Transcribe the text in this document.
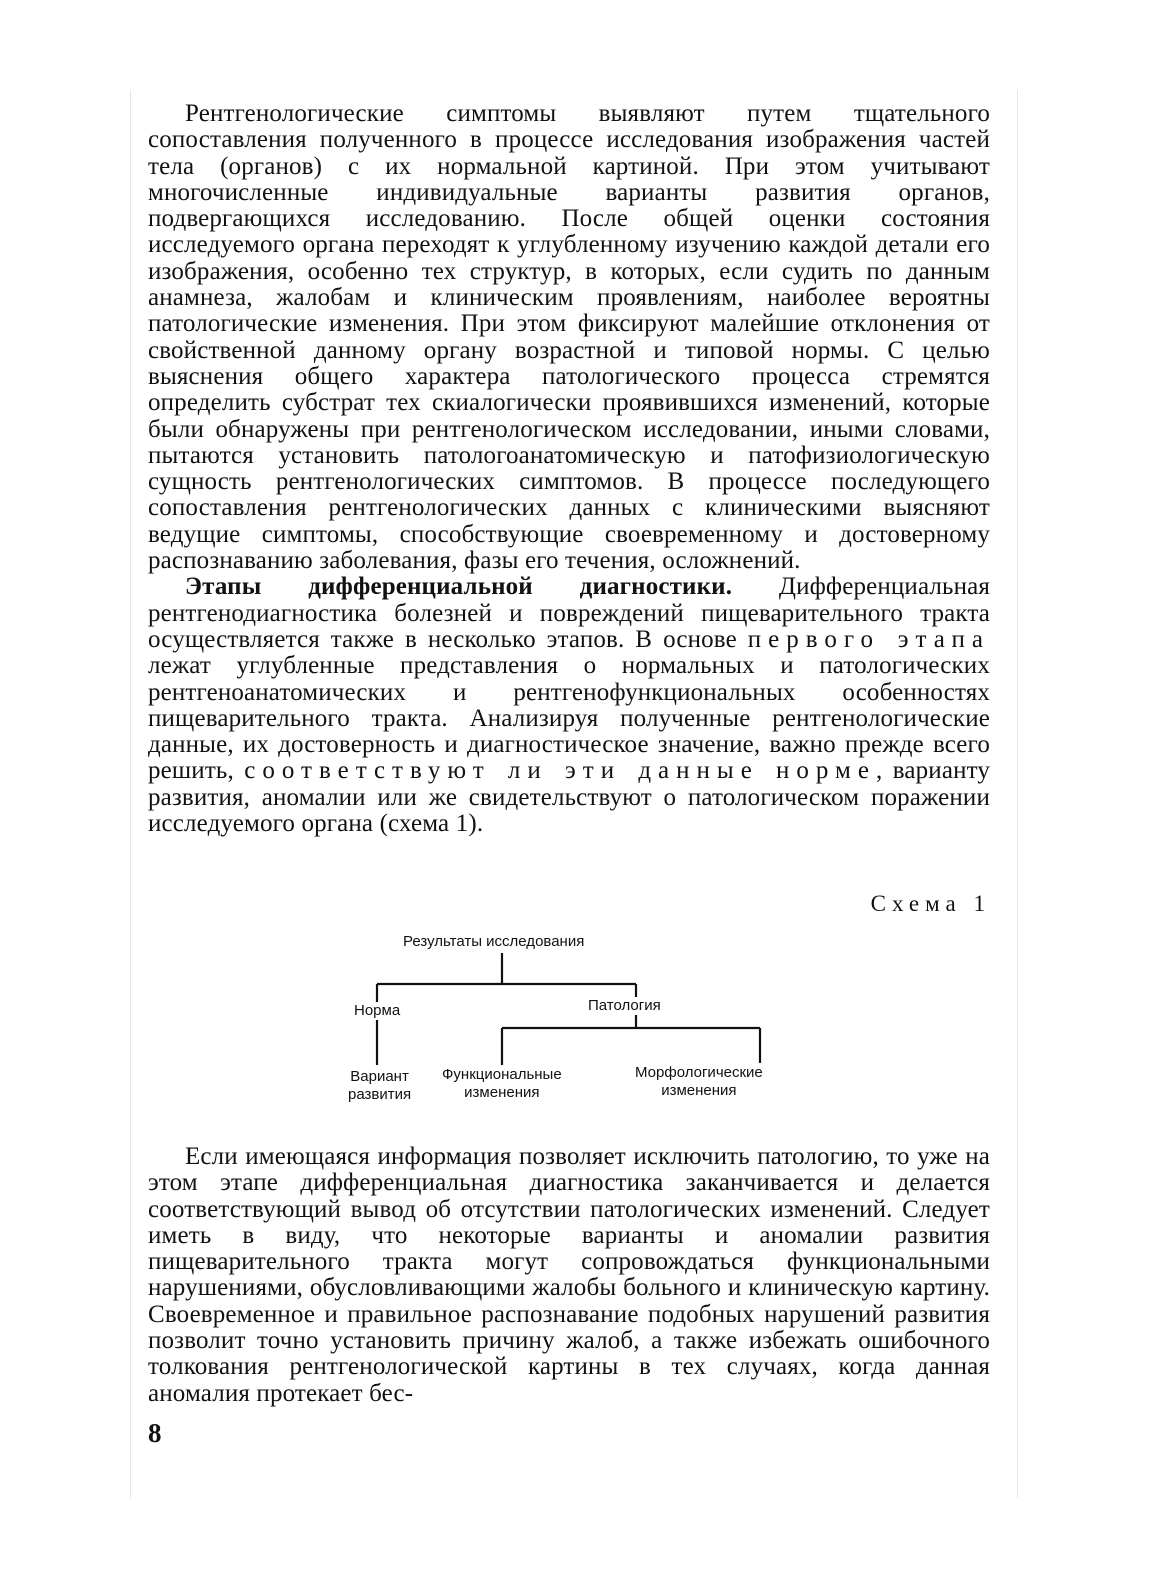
Рентгенологические симптомы выявляют путем тщательного сопоставления полученного в процессе исследования изображения частей тела (органов) с их нормальной картиной. При этом учитывают многочисленные индивидуальные варианты развития органов, подвергающихся исследованию. После общей оценки состояния исследуемого органа переходят к углубленному изучению каждой детали его изображения, особенно тех структур, в которых, если судить по данным анамнеза, жалобам и клиническим проявлениям, наиболее вероятны патологические изменения. При этом фиксируют малейшие отклонения от свойственной данному органу возрастной и типовой нормы. С целью выяснения общего характера патологического процесса стремятся определить субстрат тех скиалогически проявившихся изменений, которые были обнаружены при рентгенологическом исследовании, иными словами, пытаются установить патологоанатомическую и патофизиологическую сущность рентгенологических симптомов. В процессе последующего сопоставления рентгенологических данных с клиническими выясняют ведущие симптомы, способствующие своевременному и достоверному распознаванию заболевания, фазы его течения, осложнений.

Этапы дифференциальной диагностики. Дифференциальная рентгенодиагностика болезней и повреждений пищеварительного тракта осуществляется также в несколько этапов. В основе первого этапа лежат углубленные представления о нормальных и патологических рентгеноанатомических и рентгенофункциональных особенностях пищеварительного тракта. Анализируя полученные рентгенологические данные, их достоверность и диагностическое значение, важно прежде всего решить, соответствуют ли эти данные норме, варианту развития, аномалии или же свидетельствуют о патологическом поражении исследуемого органа (схема 1).

Схема 1
Результаты исследования
Норма	Патология
Вариант
развития
Функциональные
изменения
Морфологические
изменения

Если имеющаяся информация позволяет исключить патологию, то уже на этом этапе дифференциальная диагностика заканчивается и делается соответствующий вывод об отсутствии патологических изменений. Следует иметь в виду, что некоторые варианты и аномалии развития пищеварительного тракта могут сопровождаться функциональными нарушениями, обусловливающими жалобы больного и клиническую картину. Своевременное и правильное распознавание подобных нарушений развития позволит точно установить причину жалоб, а также избежать ошибочного толкования рентгенологической картины в тех случаях, когда данная аномалия протекает бес-

8
